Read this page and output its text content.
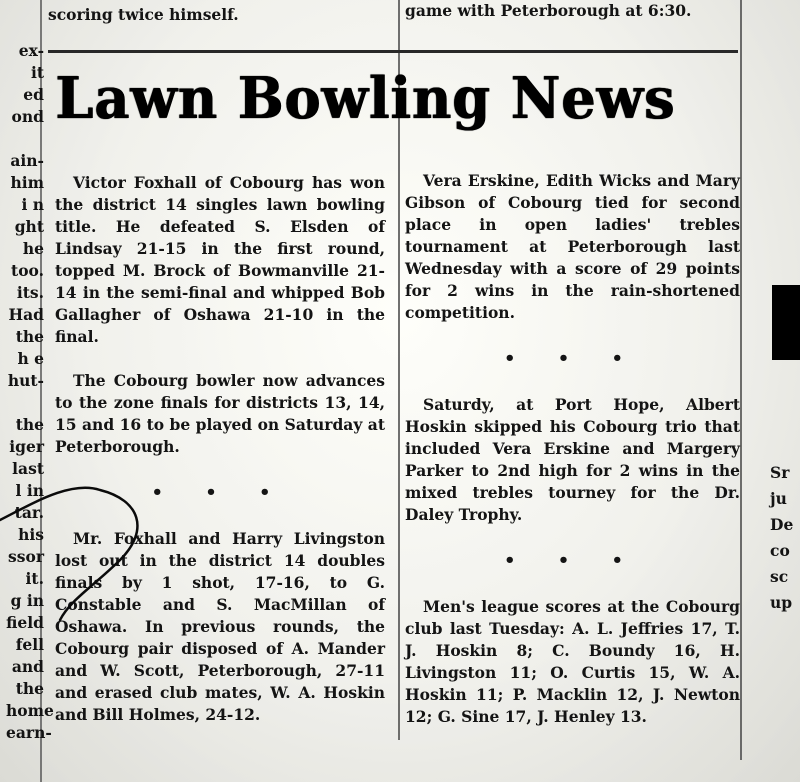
ex-
it
ed
ond

ain-
him
i n
ght
he
too.
its.
Had
the
h e
hut-

the
iger
last
l in
tar.
his
ssor
it.
g in
field
fell
and
the
home
earn-
scoring twice himself.	game with Peterborough at 6:30.
Lawn Bowling News

Victor Foxhall of Cobourg has won the district 14 singles lawn bowling title. He defeated S. Elsden of Lindsay 21-15 in the first round, topped M. Brock of Bowmanville 21-14 in the semi-final and whipped Bob Gallagher of Oshawa 21-10 in the final.

The Cobourg bowler now advances to the zone finals for districts 13, 14, 15 and 16 to be played on Saturday at Peterborough.

• • •

Mr. Foxhall and Harry Livingston lost out in the district 14 doubles finals by 1 shot, 17-16, to G. Constable and S. MacMillan of Oshawa. In previous rounds, the Cobourg pair disposed of A. Mander and W. Scott, Peterborough, 27-11 and erased club mates, W. A. Hoskin and Bill Holmes, 24-12.

Vera Erskine, Edith Wicks and Mary Gibson of Cobourg tied for second place in open ladies' trebles tournament at Peterborough last Wednesday with a score of 29 points for 2 wins in the rain-shortened competition.

• • •

Saturdy, at Port Hope, Albert Hoskin skipped his Cobourg trio that included Vera Erskine and Margery Parker to 2nd high for 2 wins in the mixed trebles tourney for the Dr. Daley Trophy.

• • •

Men's league scores at the Cobourg club last Tuesday: A. L. Jeffries 17, T. J. Hoskin 8; C. Boundy 16, H. Livingston 11; O. Curtis 15, W. A. Hoskin 11; P. Macklin 12, J. Newton 12; G. Sine 17, J. Henley 13.

Sr
ju
De
co
sc
up
